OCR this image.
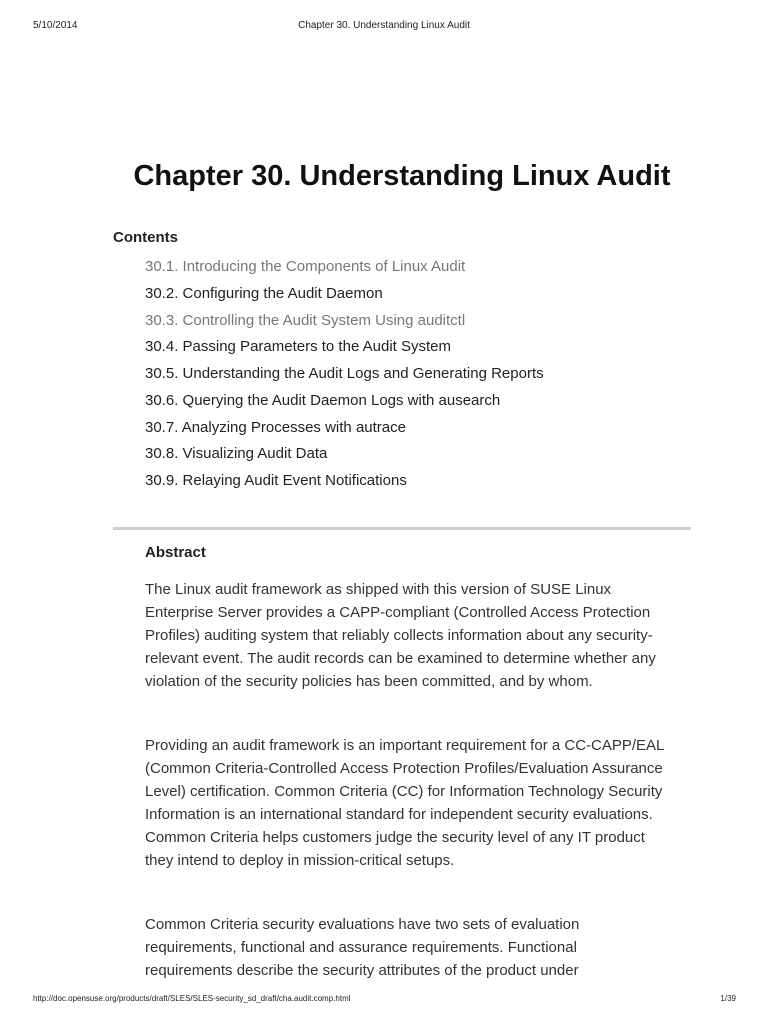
5/10/2014	Chapter 30. Understanding Linux Audit
Chapter 30. Understanding Linux Audit
Contents
30.1. Introducing the Components of Linux Audit
30.2. Configuring the Audit Daemon
30.3. Controlling the Audit System Using auditctl
30.4. Passing Parameters to the Audit System
30.5. Understanding the Audit Logs and Generating Reports
30.6. Querying the Audit Daemon Logs with ausearch
30.7. Analyzing Processes with autrace
30.8. Visualizing Audit Data
30.9. Relaying Audit Event Notifications
Abstract

The Linux audit framework as shipped with this version of SUSE Linux Enterprise Server provides a CAPP-compliant (Controlled Access Protection Profiles) auditing system that reliably collects information about any security-relevant event. The audit records can be examined to determine whether any violation of the security policies has been committed, and by whom.

Providing an audit framework is an important requirement for a CC-CAPP/EAL (Common Criteria-Controlled Access Protection Profiles/Evaluation Assurance Level) certification. Common Criteria (CC) for Information Technology Security Information is an international standard for independent security evaluations. Common Criteria helps customers judge the security level of any IT product they intend to deploy in mission-critical setups.

Common Criteria security evaluations have two sets of evaluation requirements, functional and assurance requirements. Functional requirements describe the security attributes of the product under

http://doc.opensuse.org/products/draft/SLES/SLES-security_sd_draft/cha.audit.comp.html	1/39
